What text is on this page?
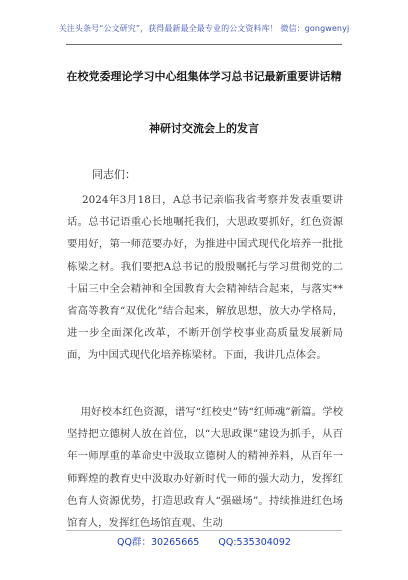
关注头条号“公文研究”，获得最新最全最专业的公文资料库！ 微信：gongwenyj
在校党委理论学习中心组集体学习总书记最新重要讲话精
神研讨交流会上的发言
同志们：
2024年3月18日，A总书记亲临我省考察并发表重要讲话。总书记语重心长地嘱托我们，大思政要抓好，红色资源要用好，第一师范要办好，为推进中国式现代化培养一批批栋梁之材。我们要把A总书记的殷殷嘱托与学习贯彻党的二十届三中全会精神和全国教育大会精神结合起来，与落实**省高等教育“双优化”结合起来，解放思想，放大办学格局，进一步全面深化改革，不断开创学校事业高质量发展新局面，为中国式现代化培养栋梁材。下面，我讲几点体会。
用好校本红色资源，谱写“红校史”铸“红师魂”新篇。学校坚持把立德树人放在首位，以“大思政课”建设为抓手，从百年一师厚重的革命史中汲取立德树人的精神养料，从百年一师辉煌的教育史中汲取办好新时代一师的强大动力，发挥红色育人资源优势，打造思政育人“强磁场”。持续推进红色场馆育人，发挥红色场馆直观、生动
QQ群：30265665 QQ:535304092
